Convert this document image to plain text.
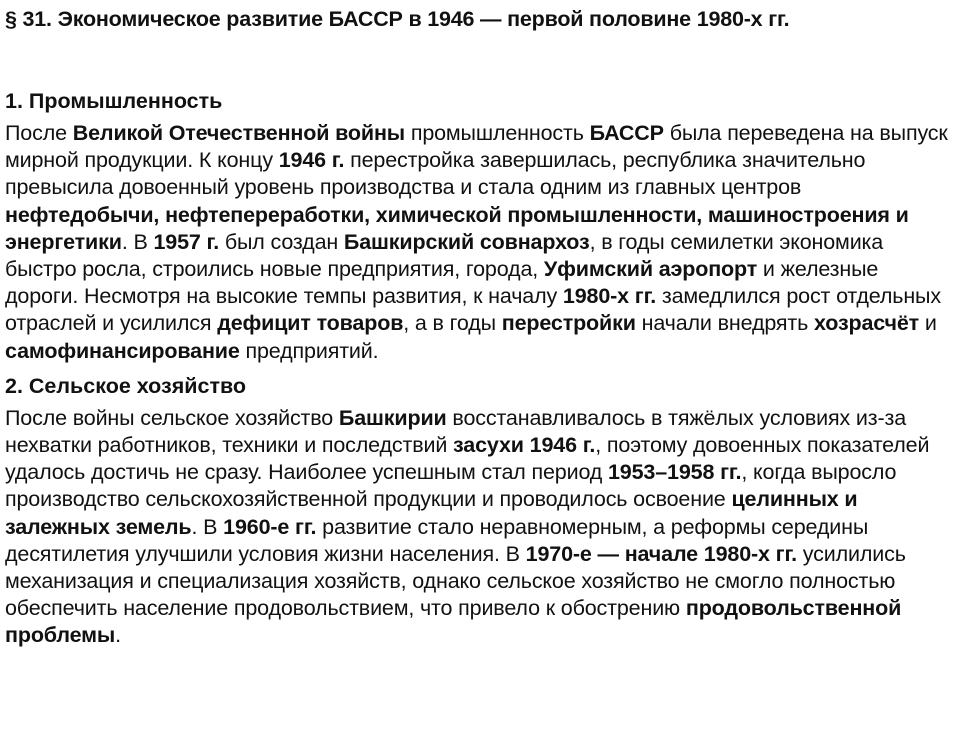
§ 31. Экономическое развитие БАССР в 1946 — первой половине 1980-х гг.
1. Промышленность

После Великой Отечественной войны промышленность БАССР была переведена на выпуск мирной продукции. К концу 1946 г. перестройка завершилась, республика значительно превысила довоенный уровень производства и стала одним из главных центров нефтедобычи, нефтепереработки, химической промышленности, машиностроения и энергетики. В 1957 г. был создан Башкирский совнархоз, в годы семилетки экономика быстро росла, строились новые предприятия, города, Уфимский аэропорт и железные дороги. Несмотря на высокие темпы развития, к началу 1980-х гг. замедлился рост отдельных отраслей и усилился дефицит товаров, а в годы перестройки начали внедрять хозрасчёт и самофинансирование предприятий.

2. Сельское хозяйство

После войны сельское хозяйство Башкирии восстанавливалось в тяжёлых условиях из-за нехватки работников, техники и последствий засухи 1946 г., поэтому довоенных показателей удалось достичь не сразу. Наиболее успешным стал период 1953–1958 гг., когда выросло производство сельскохозяйственной продукции и проводилось освоение целинных и залежных земель. В 1960-е гг. развитие стало неравномерным, а реформы середины десятилетия улучшили условия жизни населения. В 1970-е — начале 1980-х гг. усилились механизация и специализация хозяйств, однако сельское хозяйство не смогло полностью обеспечить население продовольствием, что привело к обострению продовольственной проблемы.
